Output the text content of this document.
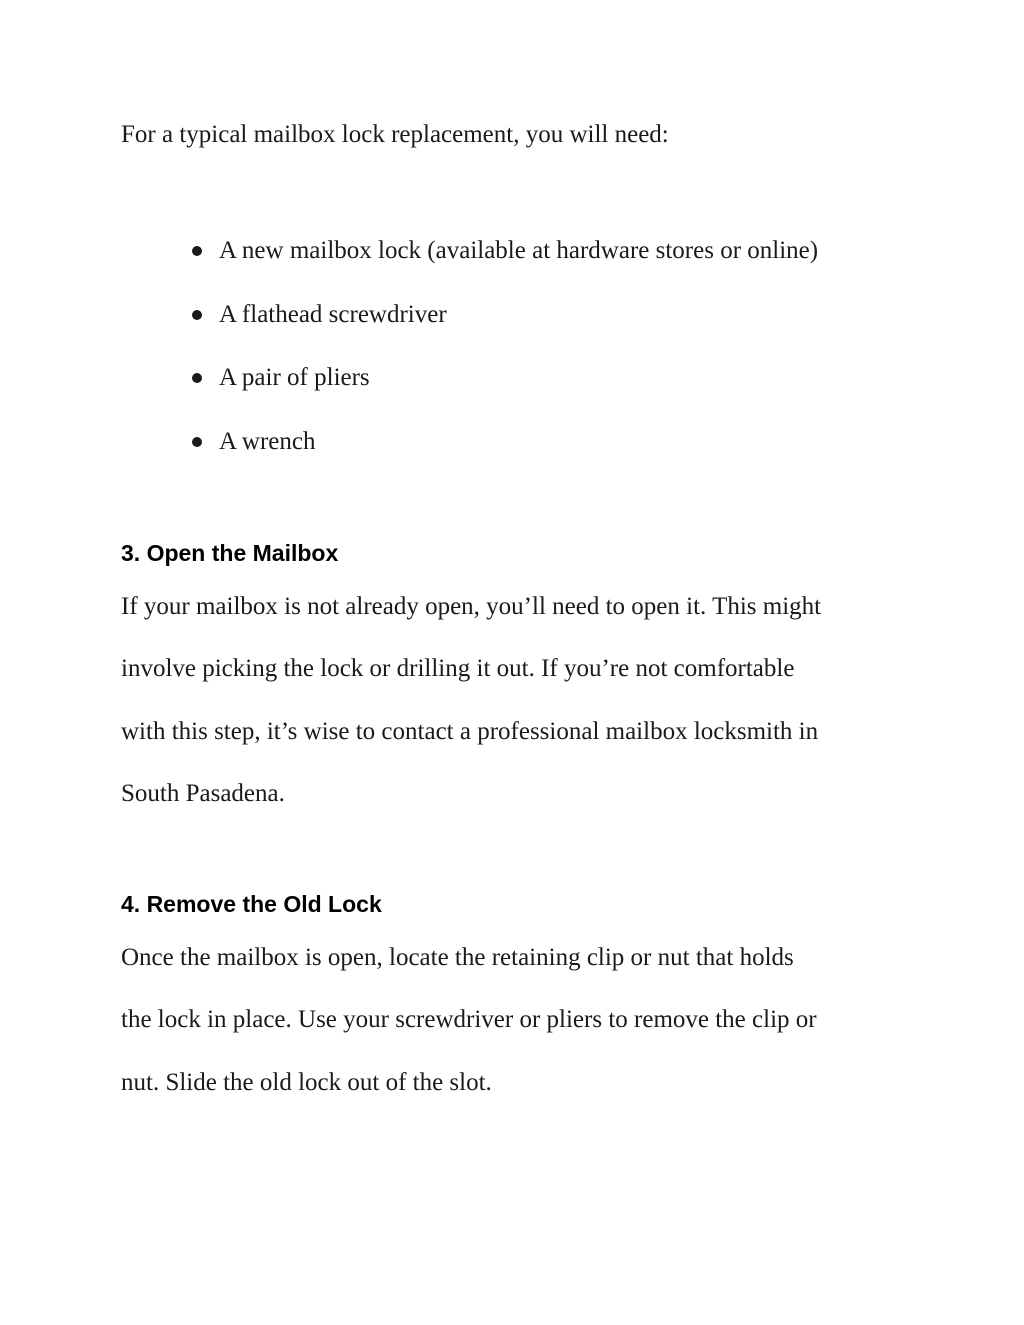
For a typical mailbox lock replacement, you will need:

A new mailbox lock (available at hardware stores or online)
A flathead screwdriver
A pair of pliers
A wrench
3. Open the Mailbox
If your mailbox is not already open, you’ll need to open it. This might
involve picking the lock or drilling it out. If you’re not comfortable
with this step, it’s wise to contact a professional mailbox locksmith in
South Pasadena.
4. Remove the Old Lock
Once the mailbox is open, locate the retaining clip or nut that holds
the lock in place. Use your screwdriver or pliers to remove the clip or
nut. Slide the old lock out of the slot.
